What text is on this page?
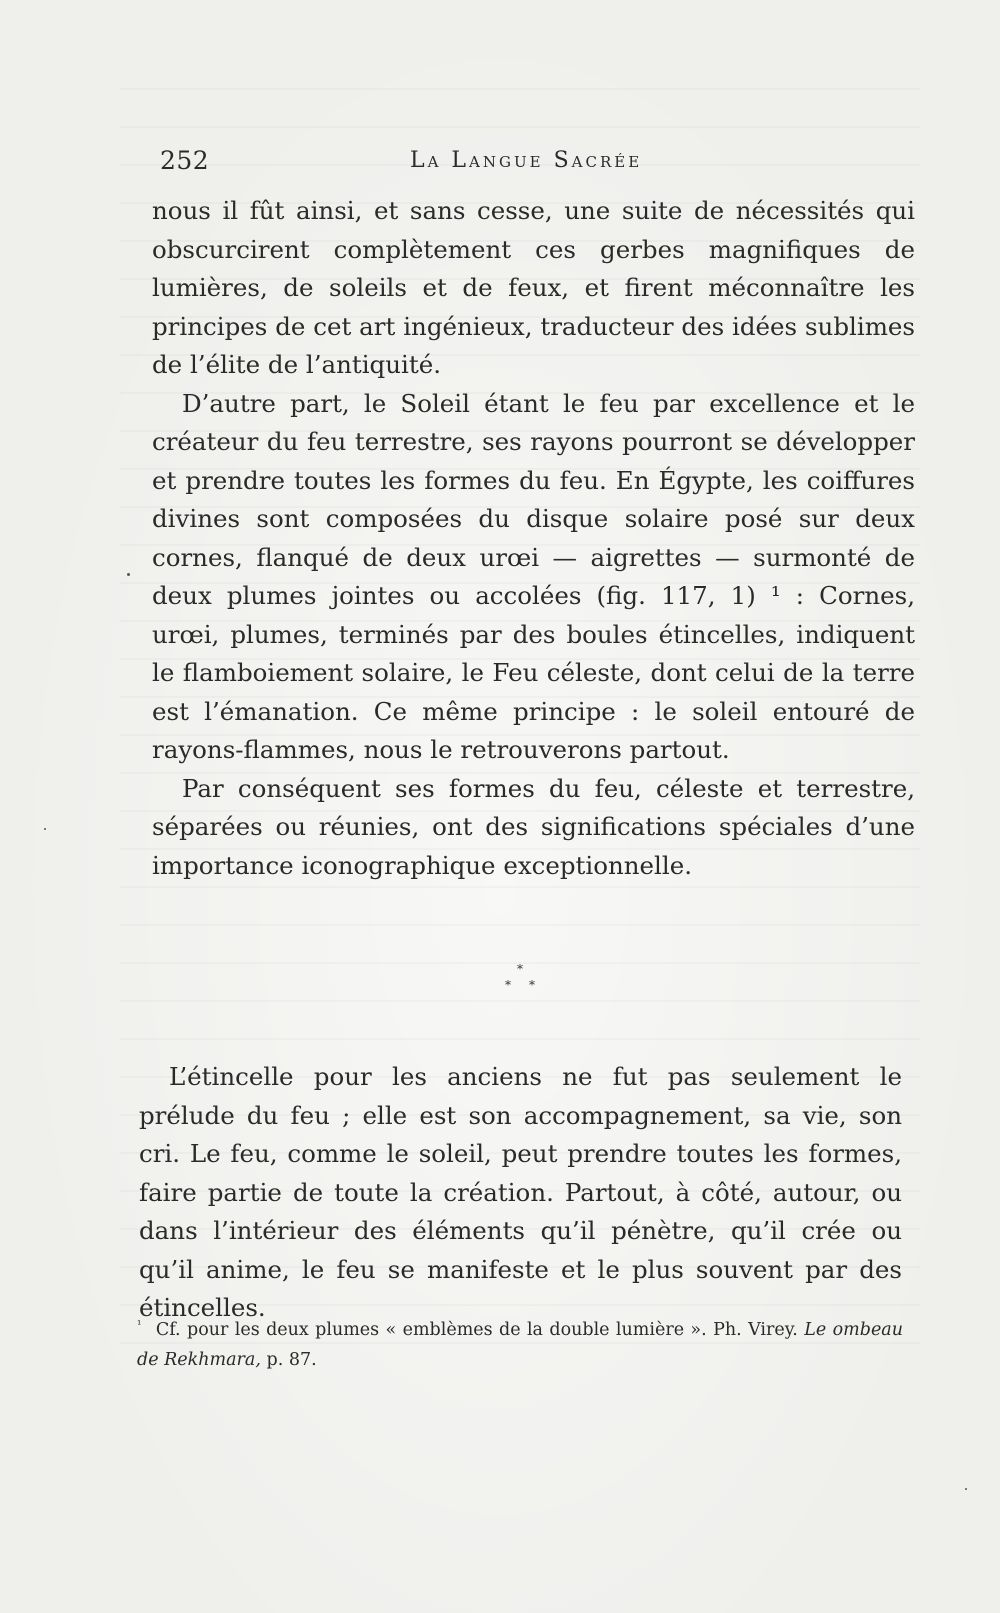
252	La Langue Sacrée

nous il fût ainsi, et sans cesse, une suite de nécessités qui obscurcirent complètement ces gerbes magnifiques de lumières, de soleils et de feux, et firent méconnaître les principes de cet art ingénieux, traducteur des idées sublimes de l’élite de l’antiquité.

D’autre part, le Soleil étant le feu par excellence et le créateur du feu terrestre, ses rayons pourront se développer et prendre toutes les formes du feu. En Égypte, les coiffures divines sont composées du disque solaire posé sur deux cornes, flanqué de deux urœi — aigrettes — surmonté de deux plumes jointes ou accolées (fig. 117, 1) ¹ : Cornes, urœi, plumes, terminés par des boules étincelles, indiquent le flamboiement solaire, le Feu céleste, dont celui de la terre est l’émanation. Ce même principe : le soleil entouré de rayons-flammes, nous le retrouverons partout.

Par conséquent ses formes du feu, céleste et terrestre, séparées ou réunies, ont des significations spéciales d’une importance iconographique exceptionnelle.

*
* *

L’étincelle pour les anciens ne fut pas seulement le prélude du feu ; elle est son accompagnement, sa vie, son cri. Le feu, comme le soleil, peut prendre toutes les formes, faire partie de toute la création. Partout, à côté, autour, ou dans l’intérieur des éléments qu’il pénètre, qu’il crée ou qu’il anime, le feu se manifeste et le plus souvent par des étincelles.

$^{^1}$ Cf. pour les deux plumes « emblèmes de la double lumière ». Ph. Virey. Le ombeau de Rekhmara, p. 87.
